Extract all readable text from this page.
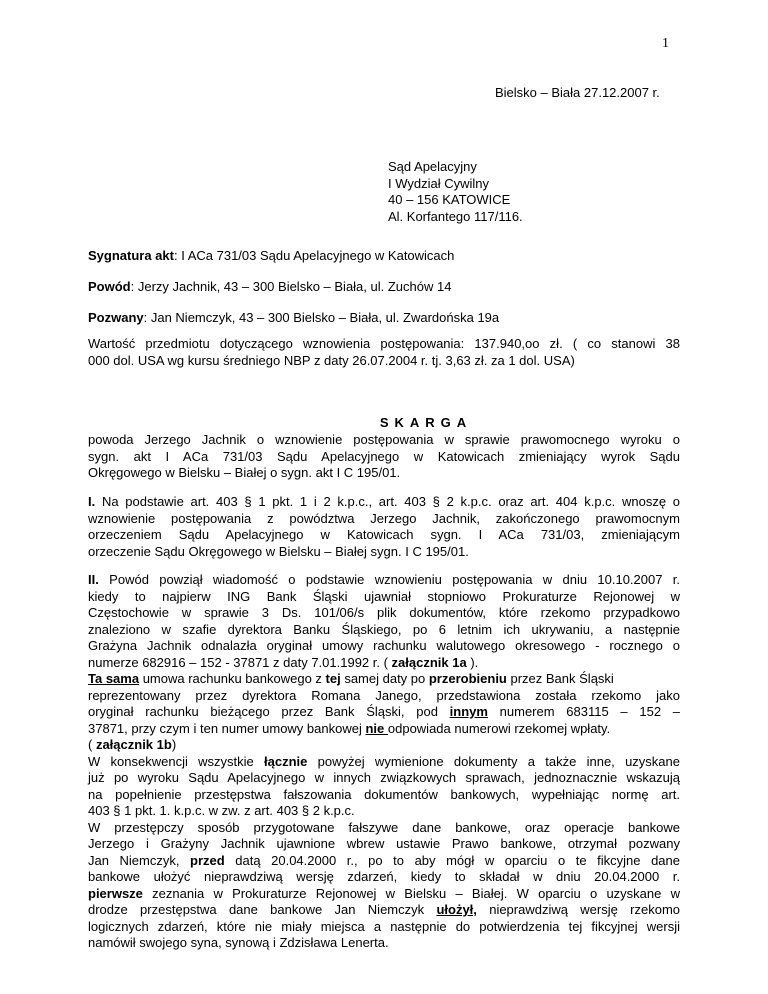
1
Bielsko – Biała 27.12.2007 r.
Sąd Apelacyjny
I Wydział Cywilny
40 – 156 KATOWICE
Al. Korfantego 117/116.
Sygnatura akt: I ACa 731/03 Sądu Apelacyjnego w Katowicach
Powód: Jerzy Jachnik, 43 – 300 Bielsko – Biała, ul. Zuchów 14
Pozwany: Jan Niemczyk, 43 – 300 Bielsko – Biała, ul. Zwardońska 19a
Wartość przedmiotu dotyczącego wznowienia postępowania: 137.940,oo zł. ( co stanowi 38
000 dol. USA wg kursu średniego NBP z daty 26.07.2004 r. tj. 3,63 zł. za 1 dol. USA)
SKARGA
powoda Jerzego Jachnik o wznowienie postępowania w sprawie prawomocnego wyroku o
sygn. akt I ACa 731/03 Sądu Apelacyjnego w Katowicach zmieniający wyrok Sądu
Okręgowego w Bielsku – Białej o sygn. akt I C 195/01.
I. Na podstawie art. 403 § 1 pkt. 1 i 2 k.p.c., art. 403 § 2 k.p.c. oraz art. 404 k.p.c. wnoszę o
wznowienie postępowania z powództwa Jerzego Jachnik, zakończonego prawomocnym
orzeczeniem Sądu Apelacyjnego w Katowicach sygn. I ACa 731/03, zmieniającym
orzeczenie Sądu Okręgowego w Bielsku – Białej sygn. I C 195/01.
II. Powód powziął wiadomość o podstawie wznowieniu postępowania w dniu 10.10.2007 r.
kiedy to najpierw ING Bank Śląski ujawniał stopniowo Prokuraturze Rejonowej w
Częstochowie w sprawie 3 Ds. 101/06/s plik dokumentów, które rzekomo przypadkowo
znaleziono w szafie dyrektora Banku Śląskiego, po 6 letnim ich ukrywaniu, a następnie
Grażyna Jachnik odnalazła oryginał umowy rachunku walutowego okresowego - rocznego o
numerze 682916 – 152 - 37871 z daty 7.01.1992 r. ( załącznik 1a ).
Ta sama umowa rachunku bankowego z tej samej daty po przerobieniu przez Bank Śląski
reprezentowany przez dyrektora Romana Janego, przedstawiona została rzekomo jako
oryginał rachunku bieżącego przez Bank Śląski, pod innym numerem 683115 – 152 –
37871, przy czym i ten numer umowy bankowej nie odpowiada numerowi rzekomej wpłaty.
( załącznik 1b)
W konsekwencji wszystkie łącznie powyżej wymienione dokumenty a także inne, uzyskane
już po wyroku Sądu Apelacyjnego w innych związkowych sprawach, jednoznacznie wskazują
na popełnienie przestępstwa fałszowania dokumentów bankowych, wypełniając normę art.
403 § 1 pkt. 1. k.p.c. w zw. z art. 403 § 2 k.p.c.
W przestępczy sposób przygotowane fałszywe dane bankowe, oraz operacje bankowe
Jerzego i Grażyny Jachnik ujawnione wbrew ustawie Prawo bankowe, otrzymał pozwany
Jan Niemczyk, przed datą 20.04.2000 r., po to aby mógł w oparciu o te fikcyjne dane
bankowe ułożyć nieprawdziwą wersję zdarzeń, kiedy to składał w dniu 20.04.2000 r.
pierwsze zeznania w Prokuraturze Rejonowej w Bielsku – Białej. W oparciu o uzyskane w
drodze przestępstwa dane bankowe Jan Niemczyk ułożył, nieprawdziwą wersję rzekomo
logicznych zdarzeń, które nie miały miejsca a następnie do potwierdzenia tej fikcyjnej wersji
namówił swojego syna, synową i Zdzisława Lenerta.
